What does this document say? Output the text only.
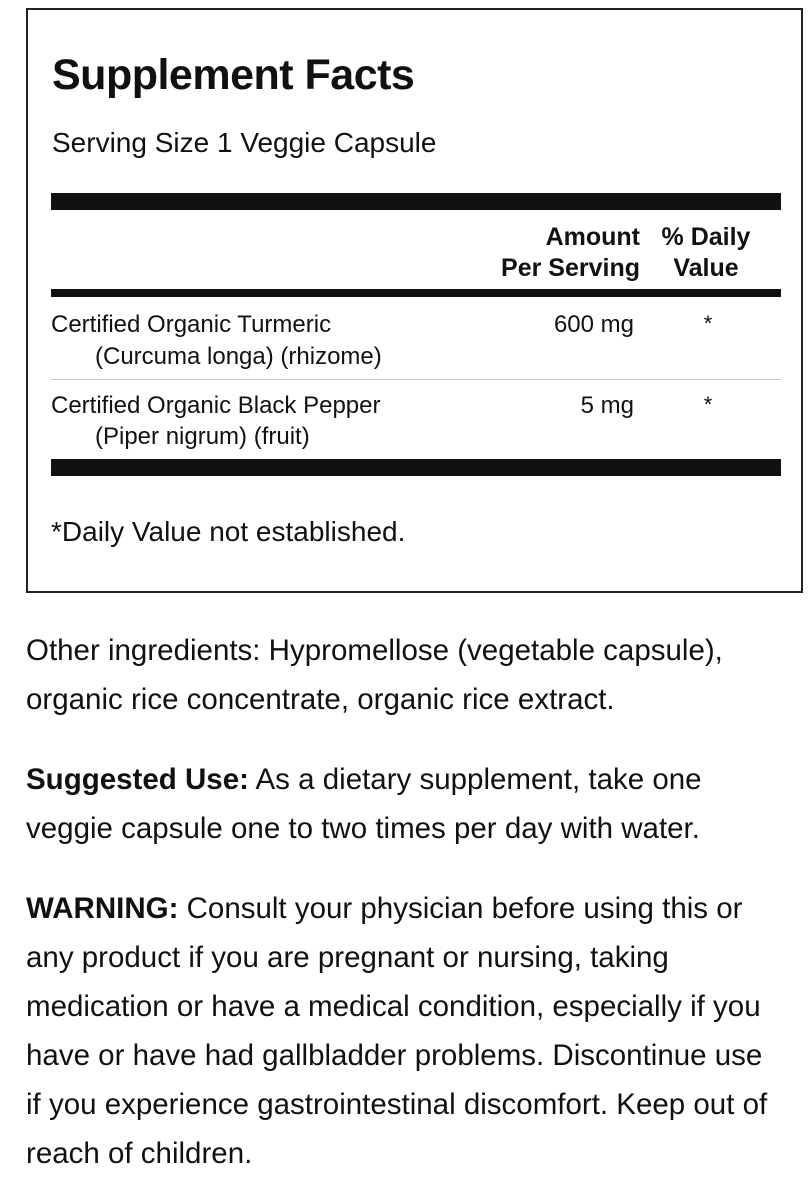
Supplement Facts
Serving Size 1 Veggie Capsule
Amount
Per Serving
% Daily
Value
Certified Organic Turmeric
(Curcuma longa) (rhizome)
600 mg	*
Certified Organic Black Pepper
(Piper nigrum) (fruit)
5 mg	*
*Daily Value not established.
Other ingredients: Hypromellose (vegetable capsule),
organic rice concentrate, organic rice extract.
Suggested Use: As a dietary supplement, take one
veggie capsule one to two times per day with water.
WARNING: Consult your physician before using this or
any product if you are pregnant or nursing, taking
medication or have a medical condition, especially if you
have or have had gallbladder problems. Discontinue use
if you experience gastrointestinal discomfort. Keep out of
reach of children.
